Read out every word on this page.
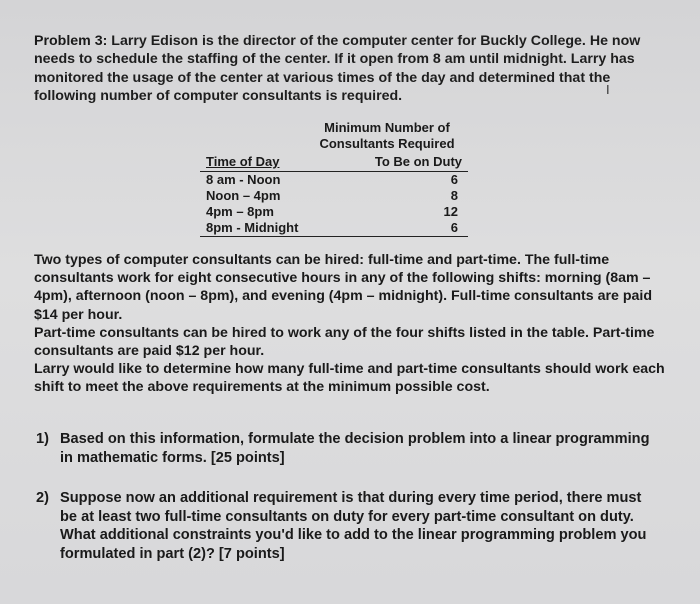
Problem 3: Larry Edison is the director of the computer center for Buckly College. He now needs to schedule the staffing of the center. If it open from 8 am until midnight. Larry has monitored the usage of the center at various times of the day and determined that the following number of computer consultants is required.	I
Minimum Number of
Consultants Required
Time of Day	To Be on Duty
8 am - Noon	6
Noon – 4pm	8
4pm – 8pm	12
8pm - Midnight	6

Two types of computer consultants can be hired: full-time and part-time. The full-time consultants work for eight consecutive hours in any of the following shifts: morning (8am – 4pm), afternoon (noon – 8pm), and evening (4pm – midnight). Full-time consultants are paid $14 per hour.

Part-time consultants can be hired to work any of the four shifts listed in the table. Part-time consultants are paid $12 per hour.

Larry would like to determine how many full-time and part-time consultants should work each shift to meet the above requirements at the minimum possible cost.

1) Based on this information, formulate the decision problem into a linear programming in mathematic forms. [25 points]
2) Suppose now an additional requirement is that during every time period, there must be at least two full-time consultants on duty for every part-time consultant on duty. What additional constraints you'd like to add to the linear programming problem you formulated in part (2)? [7 points]
